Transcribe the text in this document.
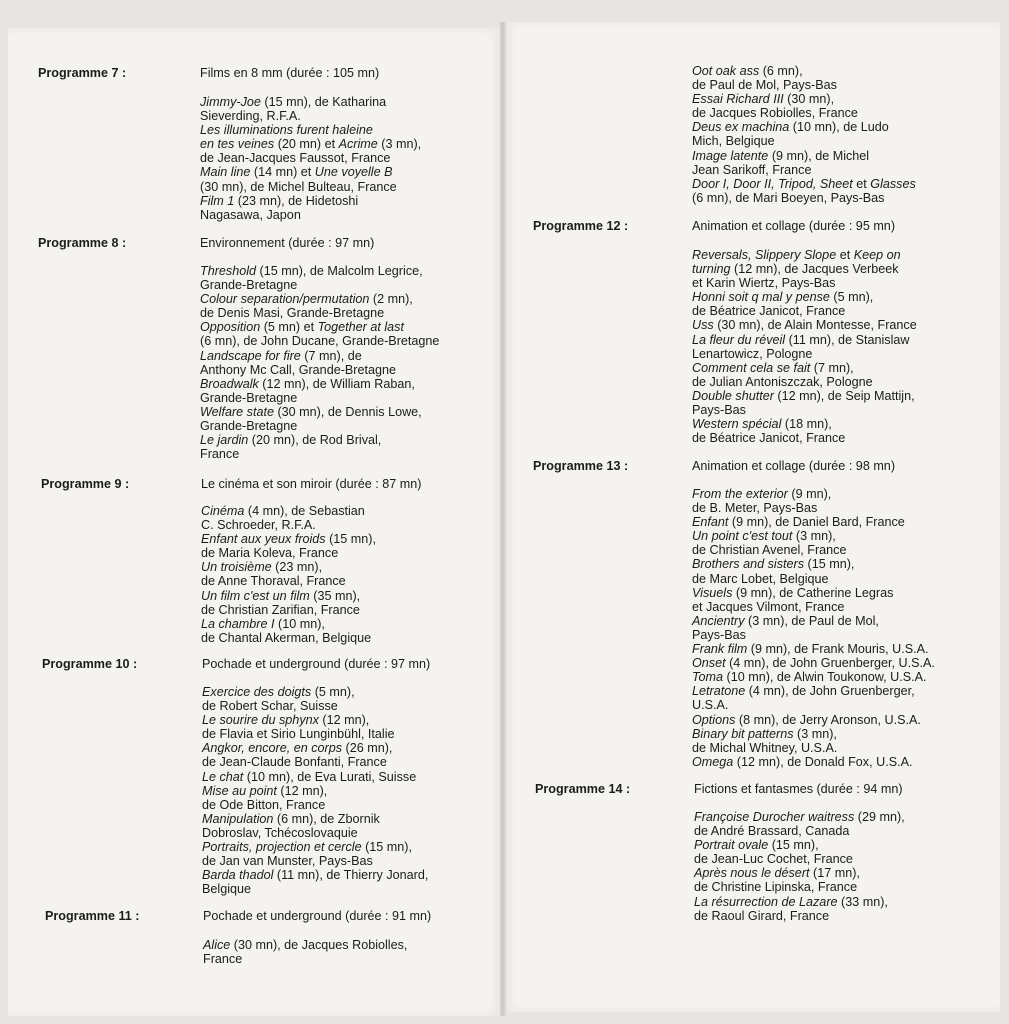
Programme 7 :	Films en 8 mm (durée : 105 mn)
Jimmy-Joe (15 mn), de Katharina
Sieverding, R.F.A.
Les illuminations furent haleine
en tes veines (20 mn) et Acrime (3 mn),
de Jean-Jacques Faussot, France
Main line (14 mn) et Une voyelle B
(30 mn), de Michel Bulteau, France
Film 1 (23 mn), de Hidetoshi
Nagasawa, Japon
Programme 8 :	Environnement (durée : 97 mn)
Threshold (15 mn), de Malcolm Legrice,
Grande-Bretagne
Colour separation/permutation (2 mn),
de Denis Masi, Grande-Bretagne
Opposition (5 mn) et Together at last
(6 mn), de John Ducane, Grande-Bretagne
Landscape for fire (7 mn), de
Anthony Mc Call, Grande-Bretagne
Broadwalk (12 mn), de William Raban,
Grande-Bretagne
Welfare state (30 mn), de Dennis Lowe,
Grande-Bretagne
Le jardin (20 mn), de Rod Brival,
France
Programme 9 :	Le cinéma et son miroir (durée : 87 mn)
Cinéma (4 mn), de Sebastian
C. Schroeder, R.F.A.
Enfant aux yeux froids (15 mn),
de Maria Koleva, France
Un troisième (23 mn),
de Anne Thoraval, France
Un film c'est un film (35 mn),
de Christian Zarifian, France
La chambre I (10 mn),
de Chantal Akerman, Belgique
Programme 10 :	Pochade et underground (durée : 97 mn)
Exercice des doigts (5 mn),
de Robert Schar, Suisse
Le sourire du sphynx (12 mn),
de Flavia et Sirio Lunginbühl, Italie
Angkor, encore, en corps (26 mn),
de Jean-Claude Bonfanti, France
Le chat (10 mn), de Eva Lurati, Suisse
Mise au point (12 mn),
de Ode Bitton, France
Manipulation (6 mn), de Zbornik
Dobroslav, Tchécoslovaquie
Portraits, projection et cercle (15 mn),
de Jan van Munster, Pays-Bas
Barda thadol (11 mn), de Thierry Jonard,
Belgique
Programme 11 :	Pochade et underground (durée : 91 mn)
Alice (30 mn), de Jacques Robiolles,
France
Oot oak ass (6 mn),
de Paul de Mol, Pays-Bas
Essai Richard III (30 mn),
de Jacques Robiolles, France
Deus ex machina (10 mn), de Ludo
Mich, Belgique
Image latente (9 mn), de Michel
Jean Sarikoff, France
Door I, Door II, Tripod, Sheet et Glasses
(6 mn), de Mari Boeyen, Pays-Bas
Programme 12 :	Animation et collage (durée : 95 mn)
Reversals, Slippery Slope et Keep on
turning (12 mn), de Jacques Verbeek
et Karin Wiertz, Pays-Bas
Honni soit q mal y pense (5 mn),
de Béatrice Janicot, France
Uss (30 mn), de Alain Montesse, France
La fleur du réveil (11 mn), de Stanislaw
Lenartowicz, Pologne
Comment cela se fait (7 mn),
de Julian Antoniszczak, Pologne
Double shutter (12 mn), de Seip Mattijn,
Pays-Bas
Western spécial (18 mn),
de Béatrice Janicot, France
Programme 13 :	Animation et collage (durée : 98 mn)
From the exterior (9 mn),
de B. Meter, Pays-Bas
Enfant (9 mn), de Daniel Bard, France
Un point c'est tout (3 mn),
de Christian Avenel, France
Brothers and sisters (15 mn),
de Marc Lobet, Belgique
Visuels (9 mn), de Catherine Legras
et Jacques Vilmont, France
Ancientry (3 mn), de Paul de Mol,
Pays-Bas
Frank film (9 mn), de Frank Mouris, U.S.A.
Onset (4 mn), de John Gruenberger, U.S.A.
Toma (10 mn), de Alwin Toukonow, U.S.A.
Letratone (4 mn), de John Gruenberger,
U.S.A.
Options (8 mn), de Jerry Aronson, U.S.A.
Binary bit patterns (3 mn),
de Michal Whitney, U.S.A.
Omega (12 mn), de Donald Fox, U.S.A.
Programme 14 :	Fictions et fantasmes (durée : 94 mn)
Françoise Durocher waitress (29 mn),
de André Brassard, Canada
Portrait ovale (15 mn),
de Jean-Luc Cochet, France
Après nous le désert (17 mn),
de Christine Lipinska, France
La résurrection de Lazare (33 mn),
de Raoul Girard, France
